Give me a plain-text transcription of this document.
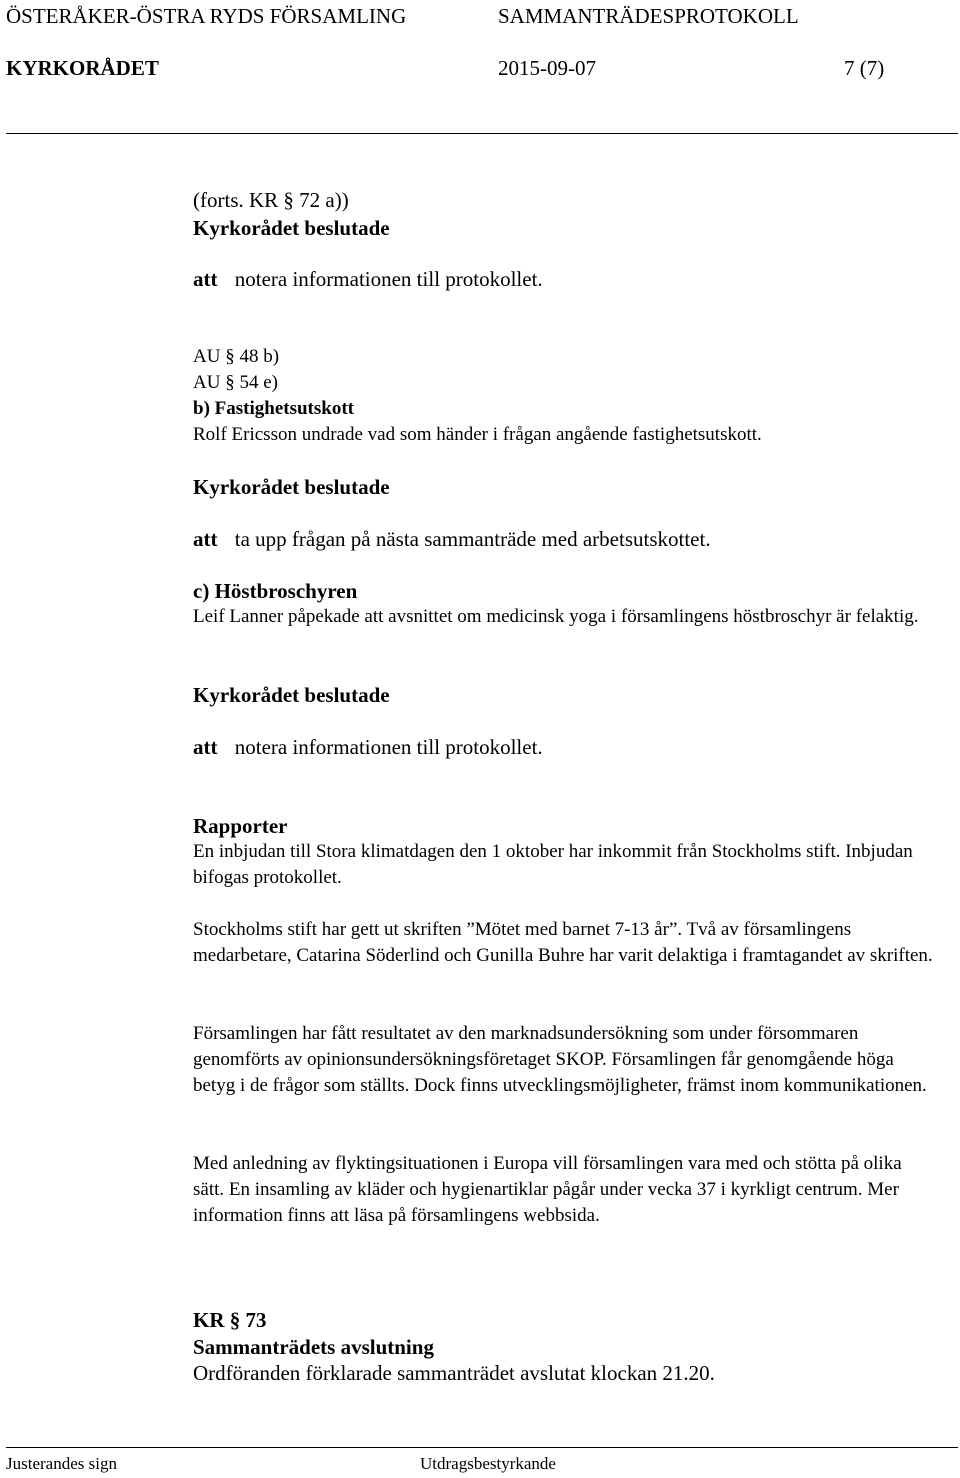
ÖSTERÅKER-ÖSTRA RYDS FÖRSAMLING	SAMMANTRÄDESPROTOKOLL
KYRKORÅDET	2015-09-07	7 (7)
(forts. KR § 72 a))
Kyrkorådet beslutade
att notera informationen till protokollet.
AU § 48 b)
AU § 54 e)
b) Fastighetsutskott
Rolf Ericsson undrade vad som händer i frågan angående fastighetsutskott.
Kyrkorådet beslutade
att ta upp frågan på nästa sammanträde med arbetsutskottet.
c) Höstbroschyren
Leif Lanner påpekade att avsnittet om medicinsk yoga i församlingens höstbroschyr är felaktig.
Kyrkorådet beslutade
att notera informationen till protokollet.
Rapporter
En inbjudan till Stora klimatdagen den 1 oktober har inkommit från Stockholms stift. Inbjudan bifogas protokollet.
Stockholms stift har gett ut skriften ”Mötet med barnet 7-13 år”. Två av församlingens medarbetare, Catarina Söderlind och Gunilla Buhre har varit delaktiga i framtagandet av skriften.
Församlingen har fått resultatet av den marknadsundersökning som under försommaren genomförts av opinionsundersökningsföretaget SKOP. Församlingen får genomgående höga betyg i de frågor som ställts. Dock finns utvecklingsmöjligheter, främst inom kommunikationen.
Med anledning av flyktingsituationen i Europa vill församlingen vara med och stötta på olika sätt. En insamling av kläder och hygienartiklar pågår under vecka 37 i kyrkligt centrum. Mer information finns att läsa på församlingens webbsida.
KR § 73
Sammanträdets avslutning
Ordföranden förklarade sammanträdet avslutat klockan 21.20.
Justerandes sign	Utdragsbestyrkande
